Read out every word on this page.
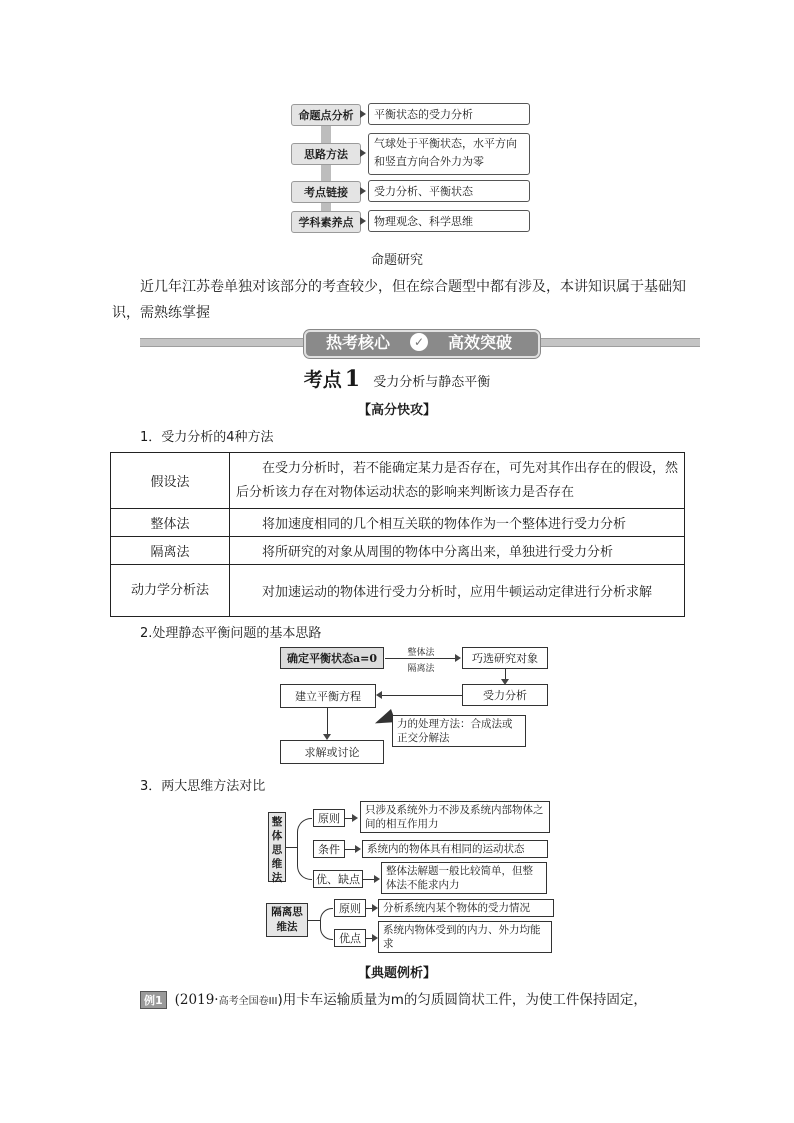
命题点分析	平衡状态的受力分析
思路方法
气球处于平衡状态，水平方向和竖直方向合外力为零
考点链接	受力分析、平衡状态
学科素养点	物理观念、科学思维
命题研究
近几年江苏卷单独对该部分的考查较少，但在综合题型中都有涉及，本讲知识属于基础知识，需熟练掌握
热考核心	✓	高效突破
考点 1 受力分析与静态平衡
【高分快攻】
1．受力分析的4种方法
假设法	在受力分析时，若不能确定某力是否存在，可先对其作出存在的假设，然后分析该力存在对物体运动状态的影响来判断该力是否存在
整体法	将加速度相同的几个相互关联的物体作为一个整体进行受力分析
隔离法	将所研究的对象从周围的物体中分离出来，单独进行受力分析
动力学分析法	对加速运动的物体进行受力分析时，应用牛顿运动定律进行分析求解
2.处理静态平衡问题的基本思路
确定平衡状态a=0	整体法
隔离法
巧选研究对象
受力分析
建立平衡方程
力的处理方法：合成法或正交分解法
求解或讨论
3．两大思维方法对比
整体思维法
原则
只涉及系统外力不涉及系统内部物体之间的相互作用力
条件	系统内的物体具有相同的运动状态
优、缺点
整体法解题一般比较简单，但整体法不能求内力
隔离思维法
原则	分析系统内某个物体的受力情况
优点
系统内物体受到的内力、外力均能求
【典题例析】
例1 (2019·高考全国卷III)用卡车运输质量为m的匀质圆筒状工件，为使工件保持固定，
